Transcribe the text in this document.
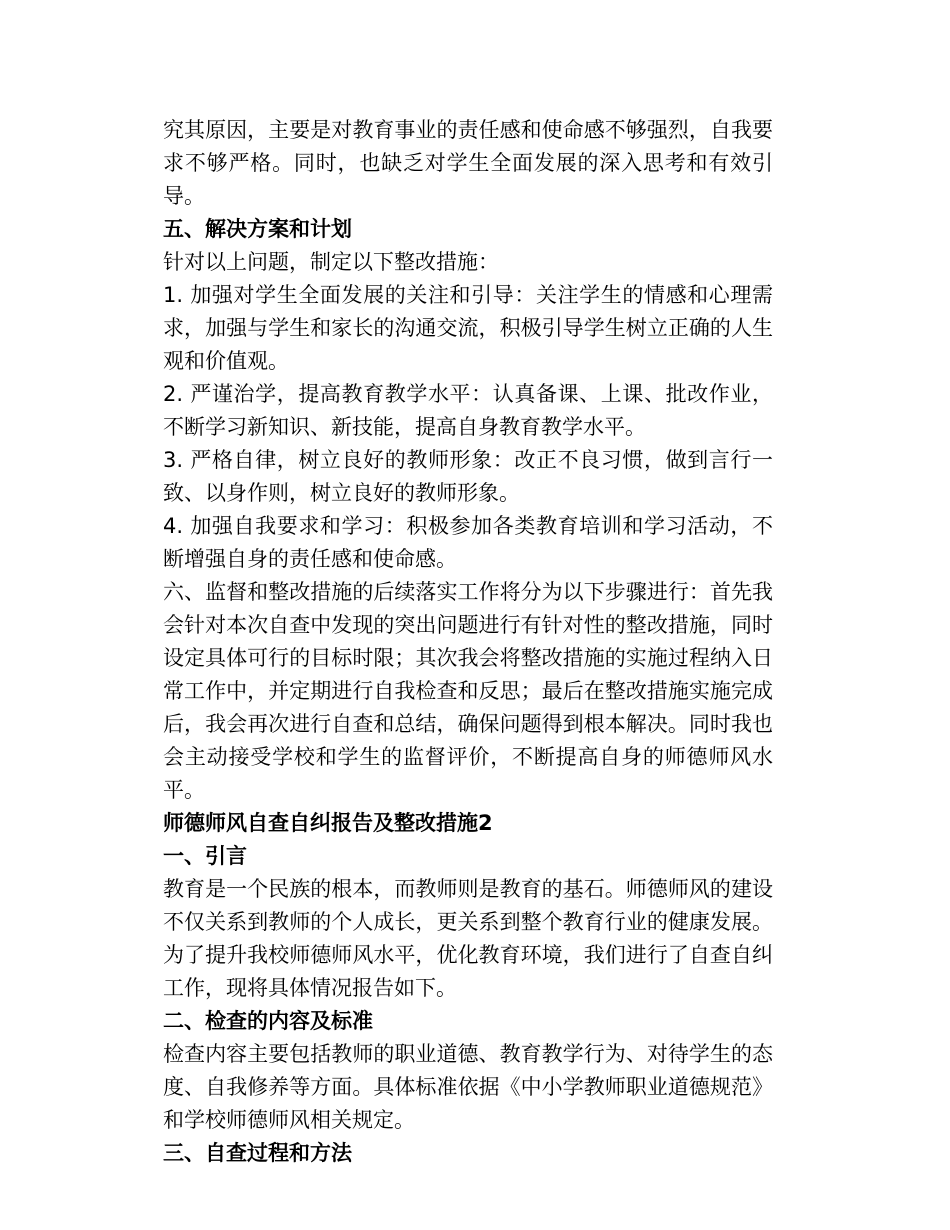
究其原因，主要是对教育事业的责任感和使命感不够强烈，自我要求不够严格。同时，也缺乏对学生全面发展的深入思考和有效引导。

五、解决方案和计划

针对以上问题，制定以下整改措施：

1. 加强对学生全面发展的关注和引导：关注学生的情感和心理需求，加强与学生和家长的沟通交流，积极引导学生树立正确的人生观和价值观。

2. 严谨治学，提高教育教学水平：认真备课、上课、批改作业，不断学习新知识、新技能，提高自身教育教学水平。

3. 严格自律，树立良好的教师形象：改正不良习惯，做到言行一致、以身作则，树立良好的教师形象。

4. 加强自我要求和学习：积极参加各类教育培训和学习活动，不断增强自身的责任感和使命感。

六、监督和整改措施的后续落实工作将分为以下步骤进行：首先我会针对本次自查中发现的突出问题进行有针对性的整改措施，同时设定具体可行的目标时限；其次我会将整改措施的实施过程纳入日常工作中，并定期进行自我检查和反思；最后在整改措施实施完成后，我会再次进行自查和总结，确保问题得到根本解决。同时我也会主动接受学校和学生的监督评价，不断提高自身的师德师风水平。

师德师风自查自纠报告及整改措施2

一、引言

教育是一个民族的根本，而教师则是教育的基石。师德师风的建设不仅关系到教师的个人成长，更关系到整个教育行业的健康发展。为了提升我校师德师风水平，优化教育环境，我们进行了自查自纠工作，现将具体情况报告如下。

二、检查的内容及标准

检查内容主要包括教师的职业道德、教育教学行为、对待学生的态度、自我修养等方面。具体标准依据《中小学教师职业道德规范》和学校师德师风相关规定。

三、自查过程和方法
